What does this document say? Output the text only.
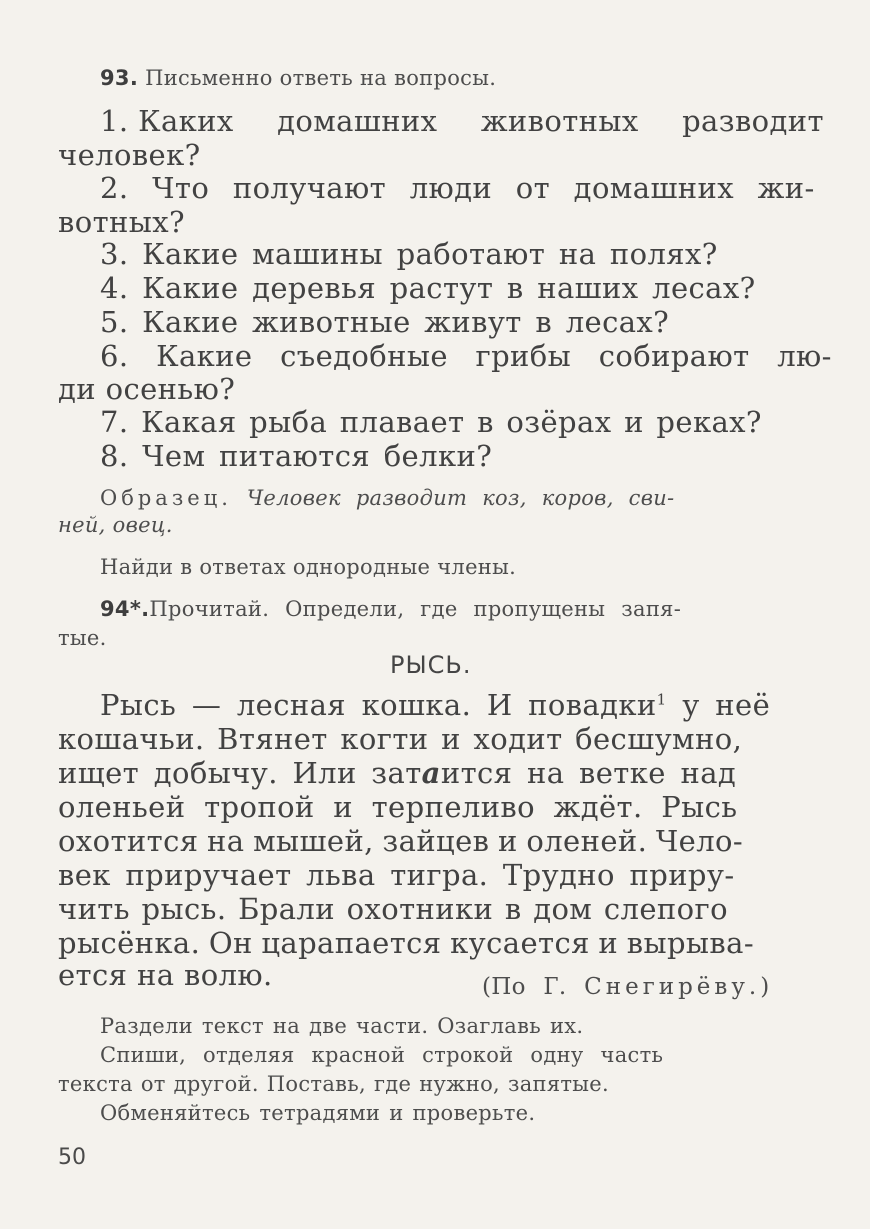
93. Письменно ответь на вопросы.
1. Каких домашних животных разводит
человек?
2. Что получают люди от домашних жи-
вотных?
3. Какие машины работают на полях?
4. Какие деревья растут в наших лесах?
5. Какие животные живут в лесах?
6. Какие съедобные грибы собирают лю-
ди осенью?
7. Какая рыба плавает в озёрах и реках?
8. Чем питаются белки?
Образец. Человек разводит коз, коров, сви-
ней, овец.
Найди в ответах однородные члены.
94*.Прочитай. Определи, где пропущены запя-
тые.
РЫСЬ.
Рысь — лесная кошка. И повадки$^1$ у неё
кошачьи. Втянет когти и ходит бесшумно,
ищет добычу. Или затаится на ветке над
оленьей тропой и терпеливо ждёт. Рысь
охотится на мышей, зайцев и оленей. Чело-
век приручает льва тигра. Трудно приру-
чить рысь. Брали охотники в дом слепого
рысёнка. Он царапается кусается и вырыва-
ется на волю.	(По Г. Снегирёву.)
Раздели текст на две части. Озаглавь их.
Спиши, отделяя красной строкой одну часть
текста от другой. Поставь, где нужно, запятые.
Обменяйтесь тетрадями и проверьте.
50
